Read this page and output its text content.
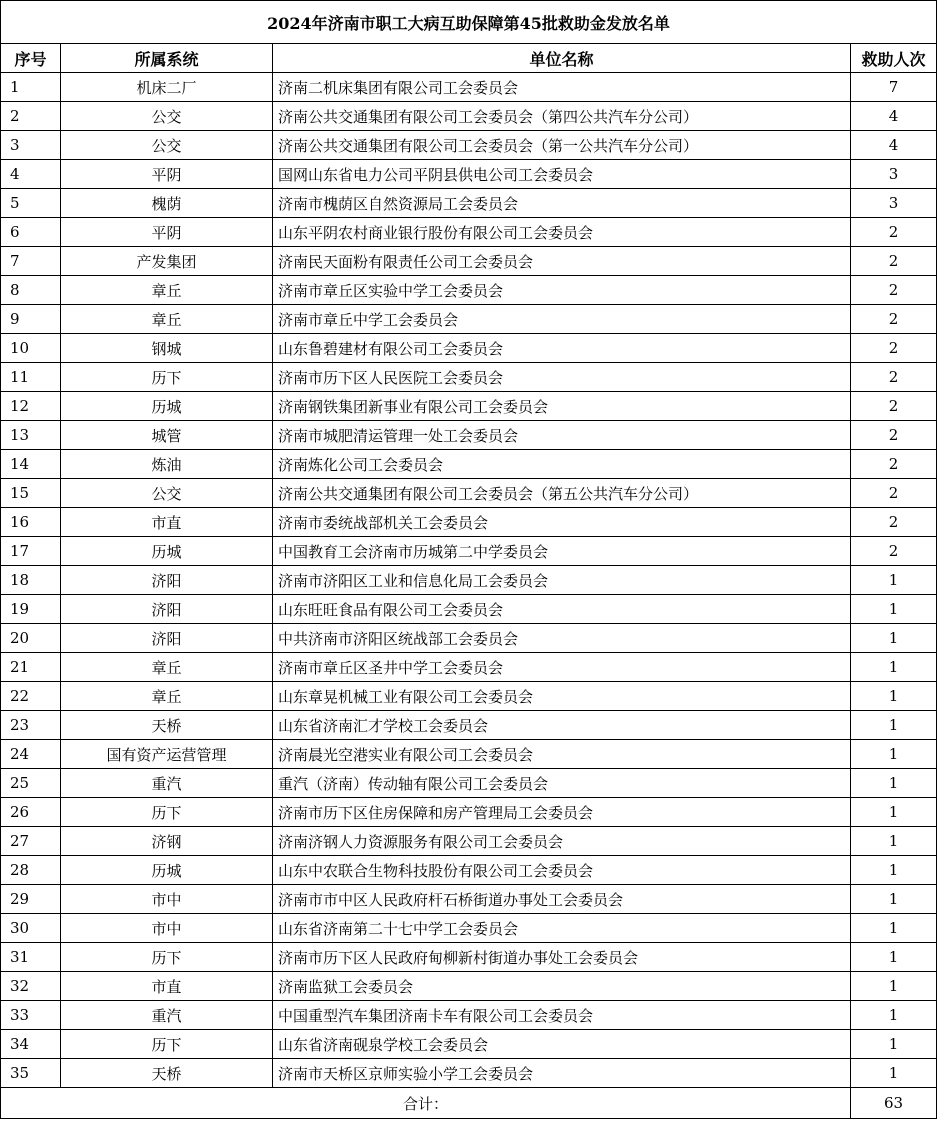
2024年济南市职工大病互助保障第45批救助金发放名单			
序号	所属系统	单位名称	救助人次
1	机床二厂	济南二机床集团有限公司工会委员会	7
2	公交	济南公共交通集团有限公司工会委员会（第四公共汽车分公司）	4
3	公交	济南公共交通集团有限公司工会委员会（第一公共汽车分公司）	4
4	平阴	国网山东省电力公司平阴县供电公司工会委员会	3
5	槐荫	济南市槐荫区自然资源局工会委员会	3
6	平阴	山东平阴农村商业银行股份有限公司工会委员会	2
7	产发集团	济南民天面粉有限责任公司工会委员会	2
8	章丘	济南市章丘区实验中学工会委员会	2
9	章丘	济南市章丘中学工会委员会	2
10	钢城	山东鲁碧建材有限公司工会委员会	2
11	历下	济南市历下区人民医院工会委员会	2
12	历城	济南钢铁集团新事业有限公司工会委员会	2
13	城管	济南市城肥清运管理一处工会委员会	2
14	炼油	济南炼化公司工会委员会	2
15	公交	济南公共交通集团有限公司工会委员会（第五公共汽车分公司）	2
16	市直	济南市委统战部机关工会委员会	2
17	历城	中国教育工会济南市历城第二中学委员会	2
18	济阳	济南市济阳区工业和信息化局工会委员会	1
19	济阳	山东旺旺食品有限公司工会委员会	1
20	济阳	中共济南市济阳区统战部工会委员会	1
21	章丘	济南市章丘区圣井中学工会委员会	1
22	章丘	山东章晃机械工业有限公司工会委员会	1
23	天桥	山东省济南汇才学校工会委员会	1
24	国有资产运营管理	济南晨光空港实业有限公司工会委员会	1
25	重汽	重汽（济南）传动轴有限公司工会委员会	1
26	历下	济南市历下区住房保障和房产管理局工会委员会	1
27	济钢	济南济钢人力资源服务有限公司工会委员会	1
28	历城	山东中农联合生物科技股份有限公司工会委员会	1
29	市中	济南市市中区人民政府杆石桥街道办事处工会委员会	1
30	市中	山东省济南第二十七中学工会委员会	1
31	历下	济南市历下区人民政府甸柳新村街道办事处工会委员会	1
32	市直	济南监狱工会委员会	1
33	重汽	中国重型汽车集团济南卡车有限公司工会委员会	1
34	历下	山东省济南砚泉学校工会委员会	1
35	天桥	济南市天桥区京师实验小学工会委员会	1
合计：			63
